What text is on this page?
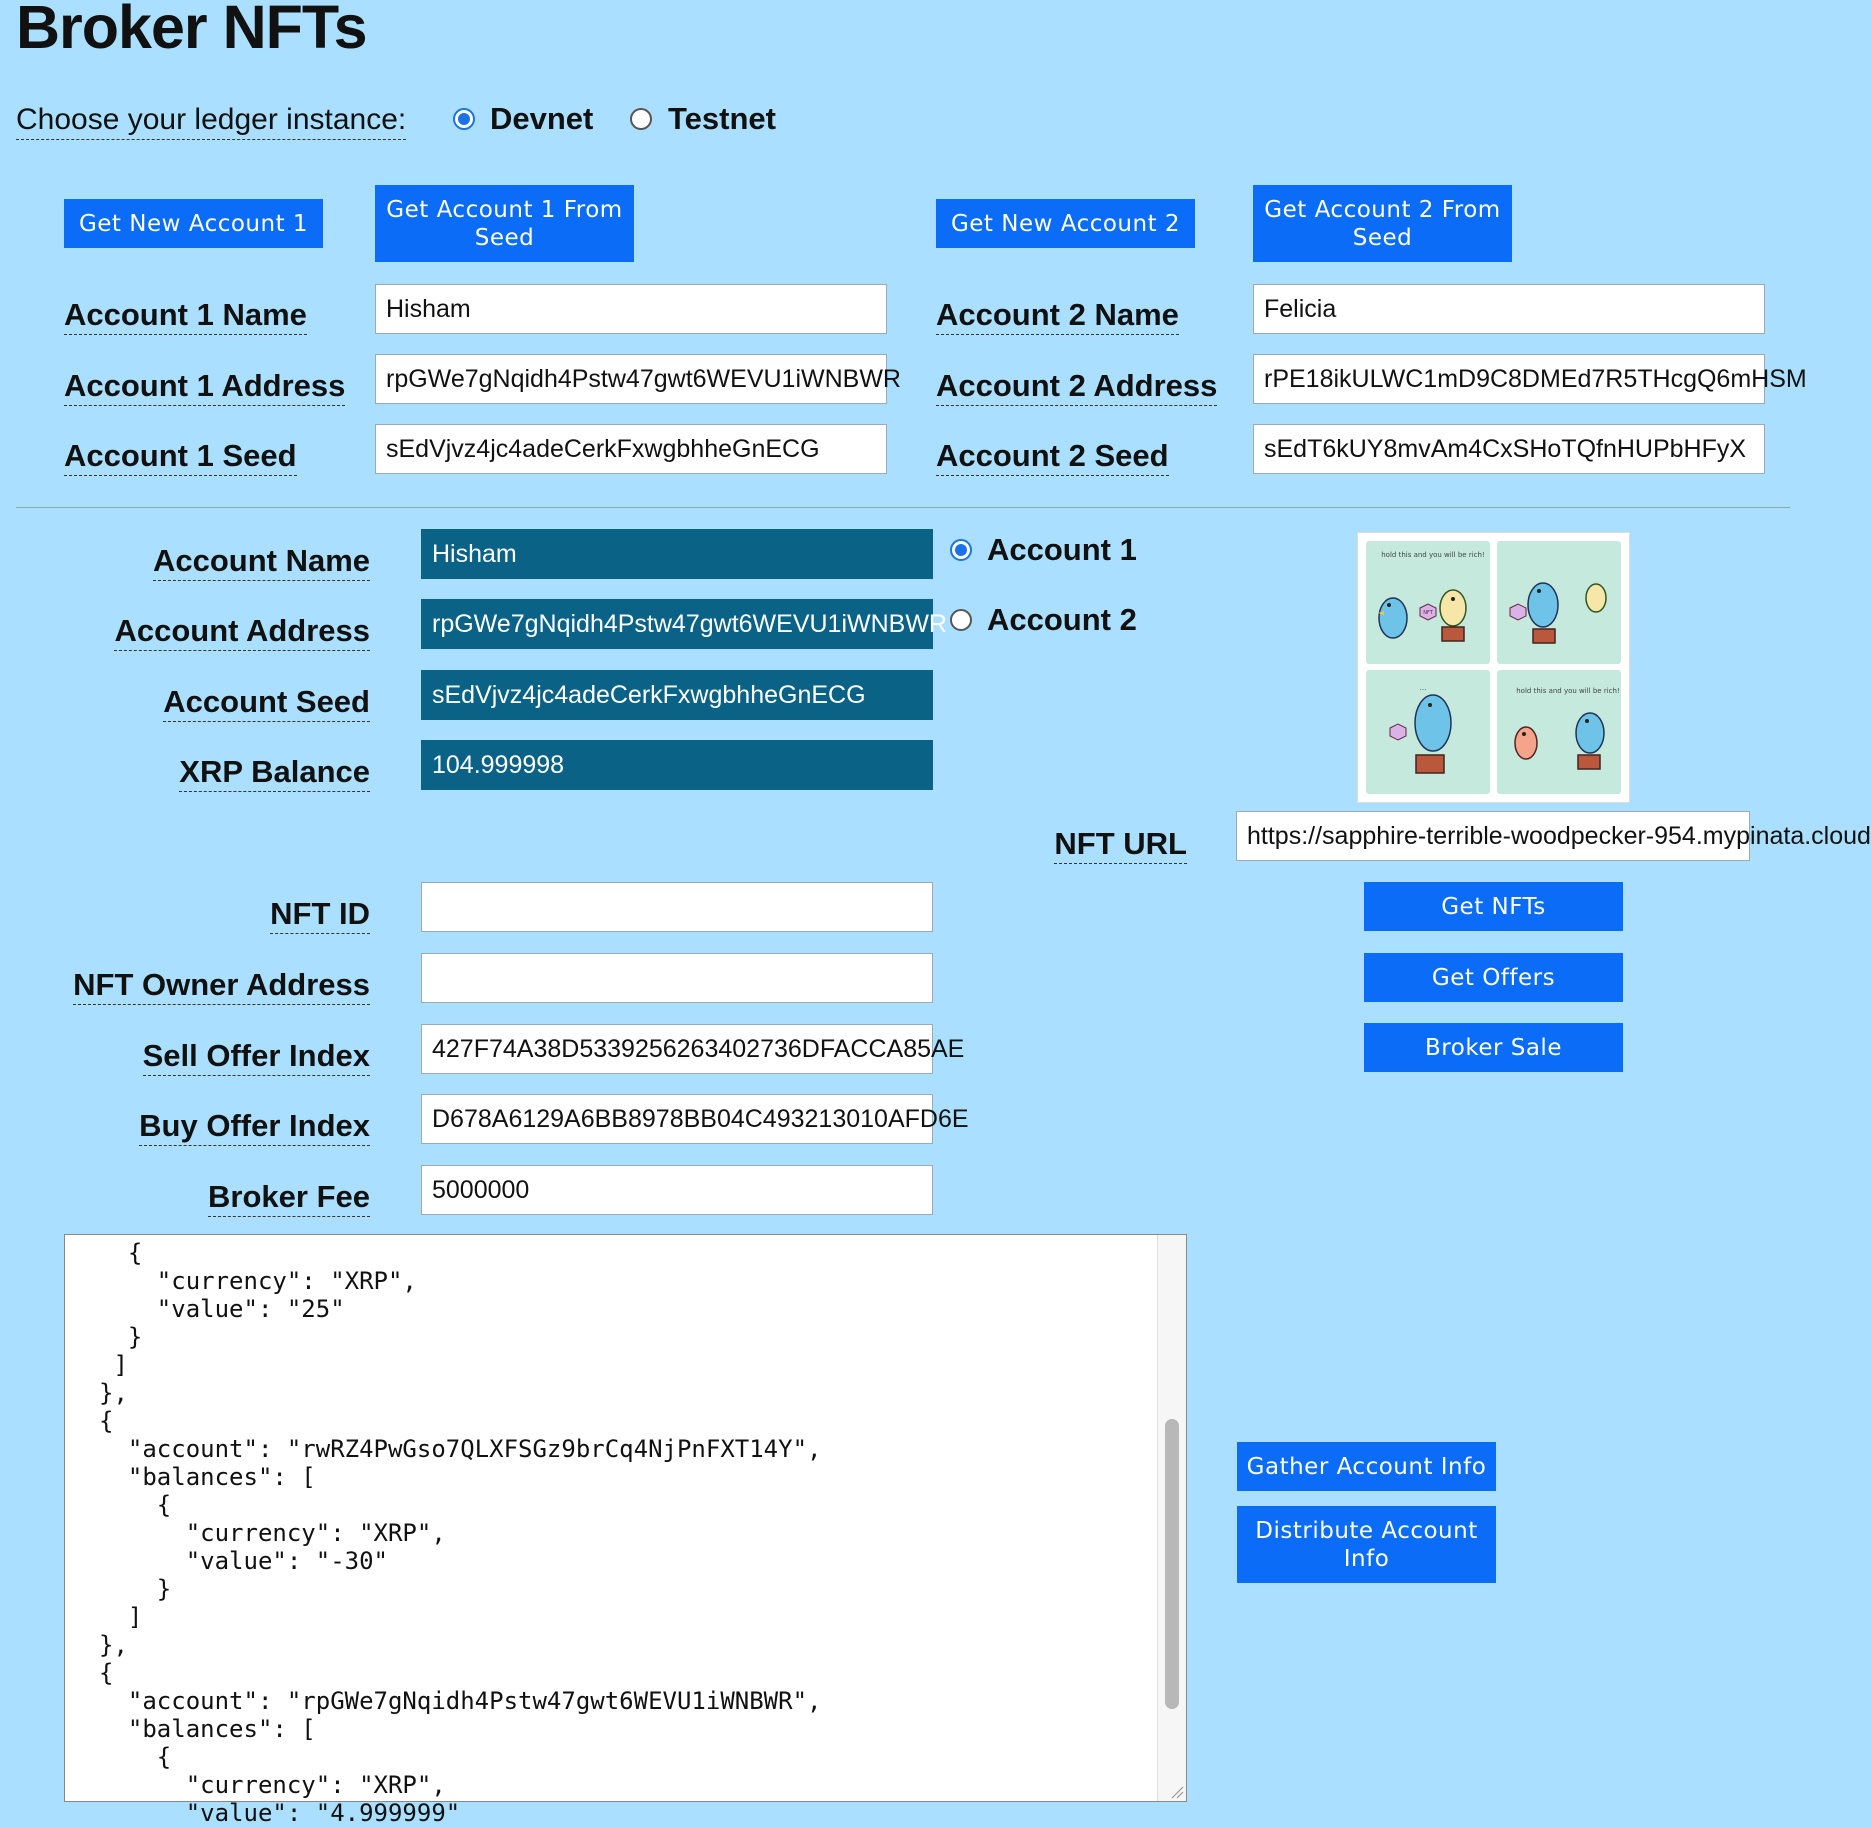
Broker NFTs
Choose your ledger instance:	Devnet Testnet
Get New Account 1
Get Account 1 From Seed
Get New Account 2
Get Account 2 From Seed
Account 1 Name	Hisham
Account 1 Address	rpGWe7gNqidh4Pstw47gwt6WEVU1iWNBWR
Account 1 Seed	sEdVjvz4jc4adeCerkFxwgbhheGnECG
Account 2 Name	Felicia
Account 2 Address	rPE18ikULWC1mD9C8DMEd7R5THcgQ6mHSM
Account 2 Seed	sEdT6kUY8mvAm4CxSHoTQfnHUPbHFyX
Account Name	Hisham
Account Address	rpGWe7gNqidh4Pstw47gwt6WEVU1iWNBWR
Account Seed	sEdVjvz4jc4adeCerkFxwgbhheGnECG
XRP Balance	104.999998
Account 1
Account 2
hold this and you will be rich!
NFT
...	hold this and you will be rich!
NFT URL	https://sapphire-terrible-woodpecker-954.mypinata.cloud
NFT ID
NFT Owner Address
Sell Offer Index	427F74A38D5339256263402736DFACCA85AE
Buy Offer Index	D678A6129A6BB8978BB04C493213010AFD6E
Broker Fee	5000000
Get NFTs
Get Offers
Broker Sale
{
"currency": "XRP",
"value": "25"
}
]
},
{
"account": "rwRZ4PwGso7QLXFSGz9brCq4NjPnFXT14Y",
"balances": [
{
"currency": "XRP",
"value": "-30"
}
]
},
{
"account": "rpGWe7gNqidh4Pstw47gwt6WEVU1iWNBWR",
"balances": [
{
"currency": "XRP",
"value": "4.999999"
Gather Account Info
Distribute Account Info
